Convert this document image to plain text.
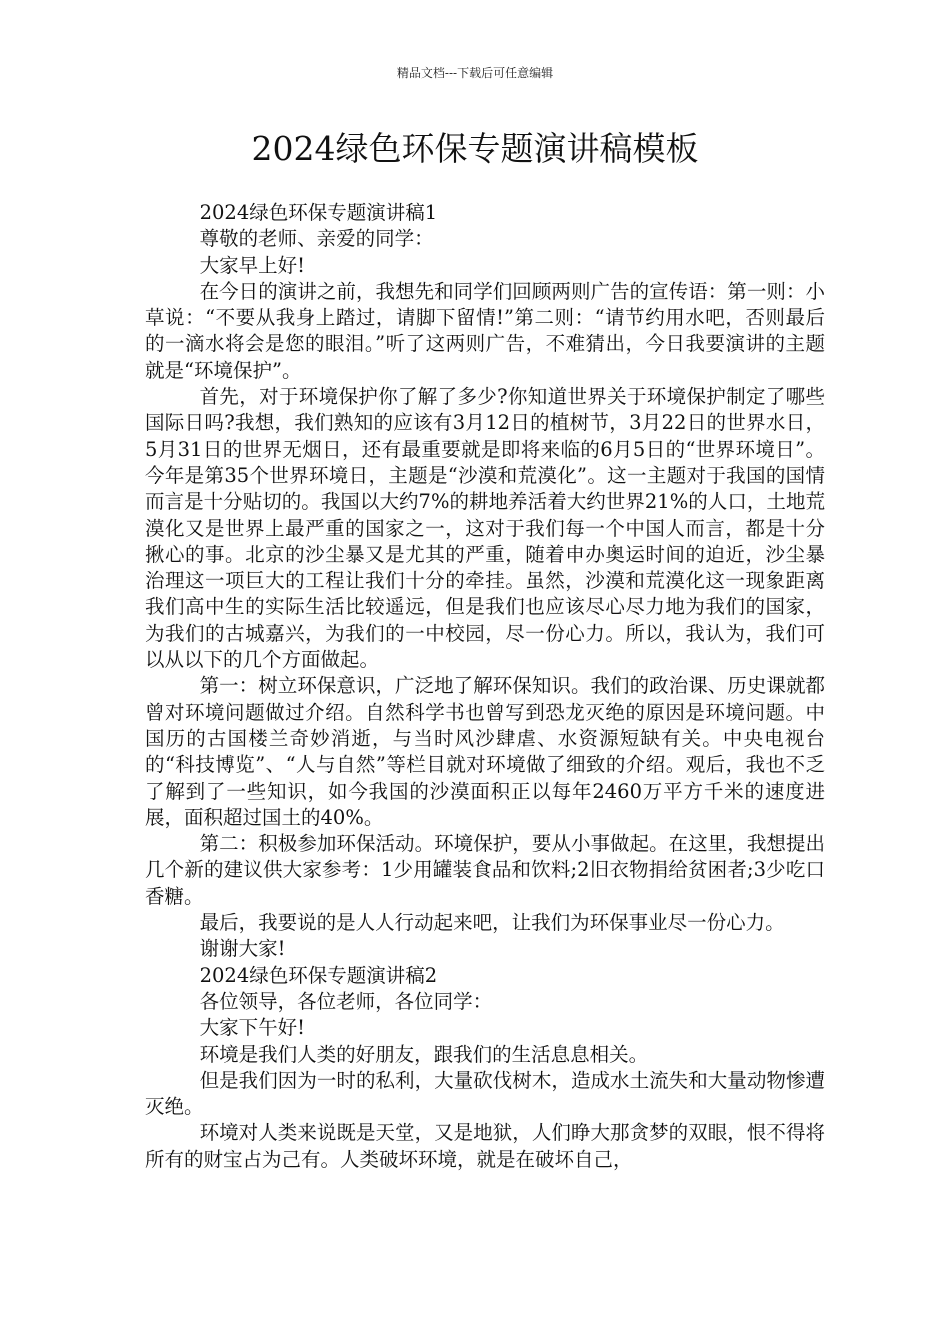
精品文档---下载后可任意编辑
2024绿色环保专题演讲稿模板

2024绿色环保专题演讲稿1

尊敬的老师、亲爱的同学：

大家早上好!

在今日的演讲之前，我想先和同学们回顾两则广告的宣传语：第一则：小草说：“不要从我身上踏过，请脚下留情!”第二则：“请节约用水吧，否则最后的一滴水将会是您的眼泪。”听了这两则广告，不难猜出，今日我要演讲的主题就是“环境保护”。

首先，对于环境保护你了解了多少?你知道世界关于环境保护制定了哪些国际日吗?我想，我们熟知的应该有3月12日的植树节，3月22日的世界水日，5月31日的世界无烟日，还有最重要就是即将来临的6月5日的“世界环境日”。今年是第35个世界环境日，主题是“沙漠和荒漠化”。这一主题对于我国的国情而言是十分贴切的。我国以大约7%的耕地养活着大约世界21%的人口，土地荒漠化又是世界上最严重的国家之一，这对于我们每一个中国人而言，都是十分揪心的事。北京的沙尘暴又是尤其的严重，随着申办奥运时间的迫近，沙尘暴治理这一项巨大的工程让我们十分的牵挂。虽然，沙漠和荒漠化这一现象距离我们高中生的实际生活比较遥远，但是我们也应该尽心尽力地为我们的国家，为我们的古城嘉兴，为我们的一中校园，尽一份心力。所以，我认为，我们可以从以下的几个方面做起。

第一：树立环保意识，广泛地了解环保知识。我们的政治课、历史课就都曾对环境问题做过介绍。自然科学书也曾写到恐龙灭绝的原因是环境问题。中国历的古国楼兰奇妙消逝，与当时风沙肆虐、水资源短缺有关。中央电视台的“科技博览”、“人与自然”等栏目就对环境做了细致的介绍。观后，我也不乏了解到了一些知识，如今我国的沙漠面积正以每年2460万平方千米的速度进展，面积超过国土的40%。

第二：积极参加环保活动。环境保护，要从小事做起。在这里，我想提出几个新的建议供大家参考：1少用罐装食品和饮料;2旧衣物捐给贫困者;3少吃口香糖。

最后，我要说的是人人行动起来吧，让我们为环保事业尽一份心力。

谢谢大家!

2024绿色环保专题演讲稿2

各位领导，各位老师，各位同学：

大家下午好!

环境是我们人类的好朋友，跟我们的生活息息相关。

但是我们因为一时的私利，大量砍伐树木，造成水土流失和大量动物惨遭灭绝。

环境对人类来说既是天堂，又是地狱，人们睁大那贪梦的双眼，恨不得将所有的财宝占为己有。人类破坏环境，就是在破坏自己，
